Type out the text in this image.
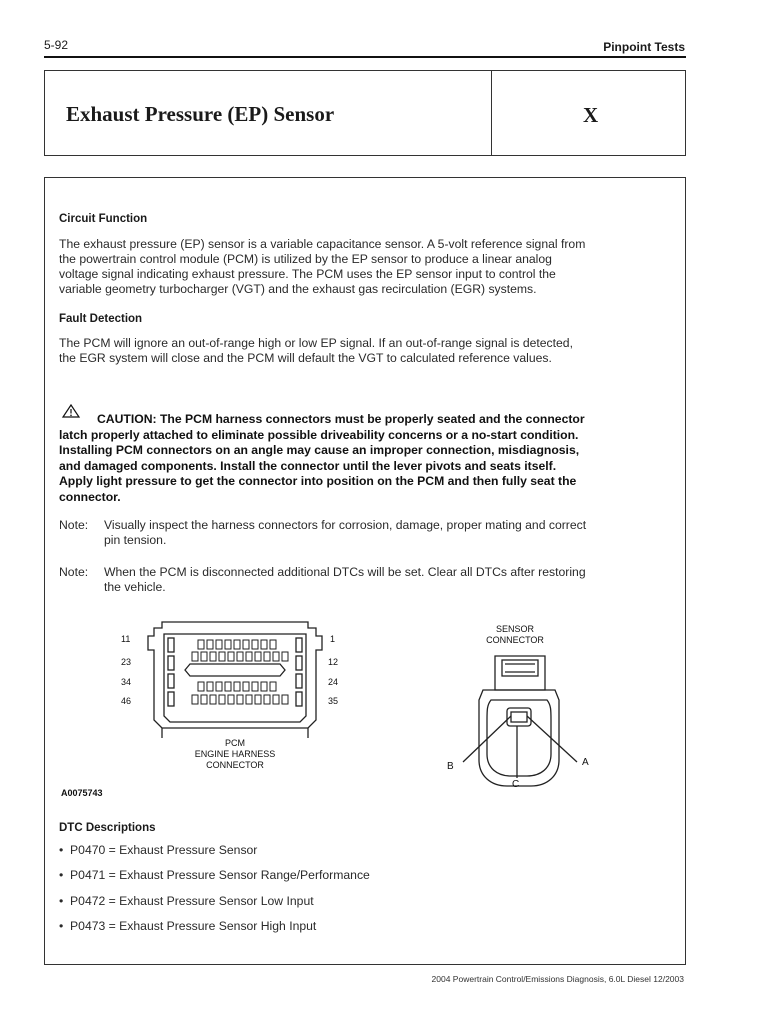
5-92	Pinpoint Tests
Exhaust Pressure (EP) Sensor	X
Circuit Function
The exhaust pressure (EP) sensor is a variable capacitance sensor. A 5-volt reference signal from
the powertrain control module (PCM) is utilized by the EP sensor to produce a linear analog
voltage signal indicating exhaust pressure. The PCM uses the EP sensor input to control the
variable geometry turbocharger (VGT) and the exhaust gas recirculation (EGR) systems.
Fault Detection
The PCM will ignore an out-of-range high or low EP signal. If an out-of-range signal is detected,
the EGR system will close and the PCM will default the VGT to calculated reference values.
CAUTION: The PCM harness connectors must be properly seated and the connector
latch properly attached to eliminate possible driveability concerns or a no-start condition.
Installing PCM connectors on an angle may cause an improper connection, misdiagnosis,
and damaged components. Install the connector until the lever pivots and seats itself.
Apply light pressure to get the connector into position on the PCM and then fully seat the
connector.
Note: Visually inspect the harness connectors for corrosion, damage, proper mating and correct
pin tension.
Note: When the PCM is disconnected additional DTCs will be set. Clear all DTCs after restoring
the vehicle.
11
23
34
46
1
12
24
35
PCM
ENGINE HARNESS
CONNECTOR
SENSOR
CONNECTOR
B	A
C
A0075743
DTC Descriptions
•  P0470 = Exhaust Pressure Sensor
•  P0471 = Exhaust Pressure Sensor Range/Performance
•  P0472 = Exhaust Pressure Sensor Low Input
•  P0473 = Exhaust Pressure Sensor High Input
2004 Powertrain Control/Emissions Diagnosis, 6.0L Diesel 12/2003
